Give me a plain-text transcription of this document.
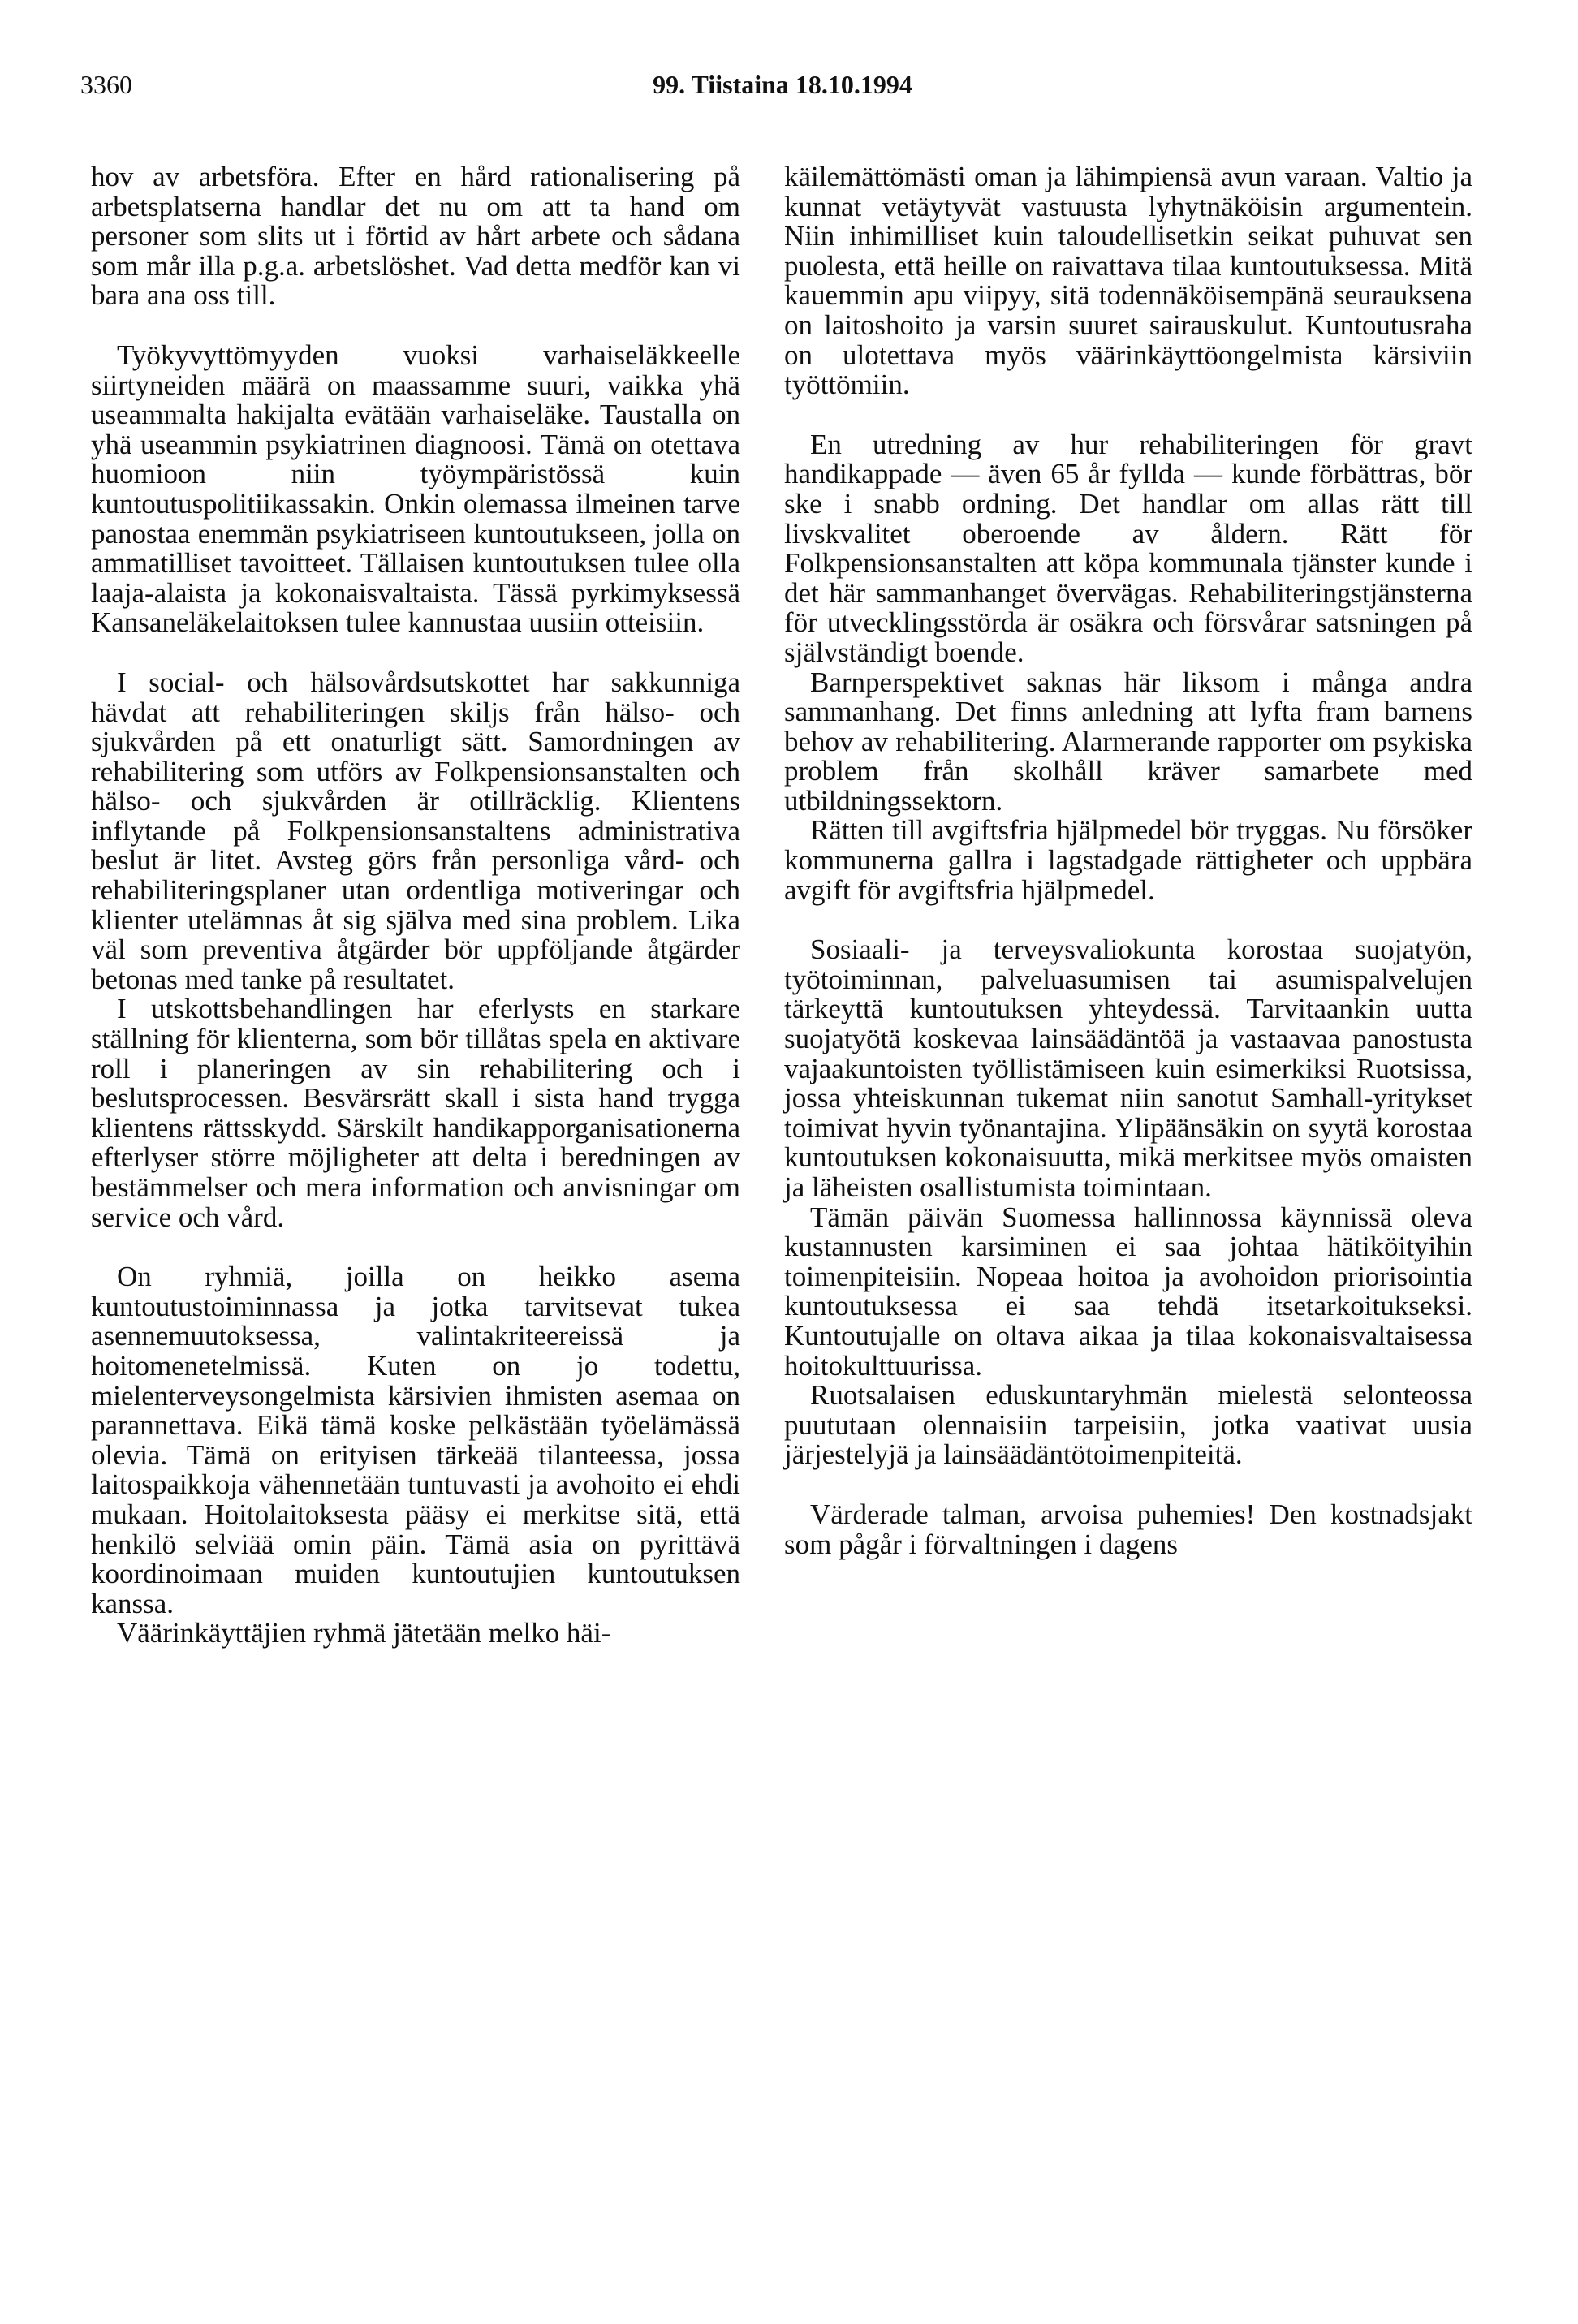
3360	99. Tiistaina 18.10.1994

hov av arbetsföra. Efter en hård rationalisering på arbetsplatserna handlar det nu om att ta hand om personer som slits ut i förtid av hårt arbete och sådana som mår illa p.g.a. arbetslöshet. Vad detta medför kan vi bara ana oss till.

Työkyvyttömyyden vuoksi varhaiseläkkeelle siirtyneiden määrä on maassamme suuri, vaikka yhä useammalta hakijalta evätään varhaiseläke. Taustalla on yhä useammin psykiatrinen diagnoosi. Tämä on otettava huomioon niin työympäristössä kuin kuntoutuspolitiikassakin. Onkin olemassa ilmeinen tarve panostaa enemmän psykiatriseen kuntoutukseen, jolla on ammatilliset tavoitteet. Tällaisen kuntoutuksen tulee olla laaja-alaista ja kokonaisvaltaista. Tässä pyrkimyksessä Kansaneläkelaitoksen tulee kannustaa uusiin otteisiin.

I social- och hälsovårdsutskottet har sakkunniga hävdat att rehabiliteringen skiljs från hälso- och sjukvården på ett onaturligt sätt. Samordningen av rehabilitering som utförs av Folkpensionsanstalten och hälso- och sjukvården är otillräcklig. Klientens inflytande på Folkpensionsanstaltens administrativa beslut är litet. Avsteg görs från personliga vård- och rehabiliteringsplaner utan ordentliga motiveringar och klienter utelämnas åt sig själva med sina problem. Lika väl som preventiva åtgärder bör uppföljande åtgärder betonas med tanke på resultatet.

I utskottsbehandlingen har eferlysts en starkare ställning för klienterna, som bör tillåtas spela en aktivare roll i planeringen av sin rehabilitering och i beslutsprocessen. Besvärsrätt skall i sista hand trygga klientens rättsskydd. Särskilt handikapporganisationerna efterlyser större möjligheter att delta i beredningen av bestämmelser och mera information och anvisningar om service och vård.

On ryhmiä, joilla on heikko asema kuntoutustoiminnassa ja jotka tarvitsevat tukea asennemuutoksessa, valintakriteereissä ja hoitomenetelmissä. Kuten on jo todettu, mielenterveysongelmista kärsivien ihmisten asemaa on parannettava. Eikä tämä koske pelkästään työelämässä olevia. Tämä on erityisen tärkeää tilanteessa, jossa laitospaikkoja vähennetään tuntuvasti ja avohoito ei ehdi mukaan. Hoitolaitoksesta pääsy ei merkitse sitä, että henkilö selviää omin päin. Tämä asia on pyrittävä koordinoimaan muiden kuntoutujien kuntoutuksen kanssa.

Väärinkäyttäjien ryhmä jätetään melko häi-

käilemättömästi oman ja lähimpiensä avun varaan. Valtio ja kunnat vetäytyvät vastuusta lyhytnäköisin argumentein. Niin inhimilliset kuin taloudellisetkin seikat puhuvat sen puolesta, että heille on raivattava tilaa kuntoutuksessa. Mitä kauemmin apu viipyy, sitä todennäköisempänä seurauksena on laitoshoito ja varsin suuret sairauskulut. Kuntoutusraha on ulotettava myös väärinkäyttöongelmista kärsiviin työttömiin.

En utredning av hur rehabiliteringen för gravt handikappade — även 65 år fyllda — kunde förbättras, bör ske i snabb ordning. Det handlar om allas rätt till livskvalitet oberoende av åldern. Rätt för Folkpensionsanstalten att köpa kommunala tjänster kunde i det här sammanhanget övervägas. Rehabiliteringstjänsterna för utvecklingsstörda är osäkra och försvårar satsningen på självständigt boende.

Barnperspektivet saknas här liksom i många andra sammanhang. Det finns anledning att lyfta fram barnens behov av rehabilitering. Alarmerande rapporter om psykiska problem från skolhåll kräver samarbete med utbildningssektorn.

Rätten till avgiftsfria hjälpmedel bör tryggas. Nu försöker kommunerna gallra i lagstadgade rättigheter och uppbära avgift för avgiftsfria hjälpmedel.

Sosiaali- ja terveysvaliokunta korostaa suojatyön, työtoiminnan, palveluasumisen tai asumispalvelujen tärkeyttä kuntoutuksen yhteydessä. Tarvitaankin uutta suojatyötä koskevaa lainsäädäntöä ja vastaavaa panostusta vajaakuntoisten työllistämiseen kuin esimerkiksi Ruotsissa, jossa yhteiskunnan tukemat niin sanotut Samhall-yritykset toimivat hyvin työnantajina. Ylipäänsäkin on syytä korostaa kuntoutuksen kokonaisuutta, mikä merkitsee myös omaisten ja läheisten osallistumista toimintaan.

Tämän päivän Suomessa hallinnossa käynnissä oleva kustannusten karsiminen ei saa johtaa hätiköityihin toimenpiteisiin. Nopeaa hoitoa ja avohoidon priorisointia kuntoutuksessa ei saa tehdä itsetarkoitukseksi. Kuntoutujalle on oltava aikaa ja tilaa kokonaisvaltaisessa hoitokulttuurissa.

Ruotsalaisen eduskuntaryhmän mielestä selonteossa puututaan olennaisiin tarpeisiin, jotka vaativat uusia järjestelyjä ja lainsäädäntötoimenpiteitä.

Värderade talman, arvoisa puhemies! Den kostnadsjakt som pågår i förvaltningen i dagens
